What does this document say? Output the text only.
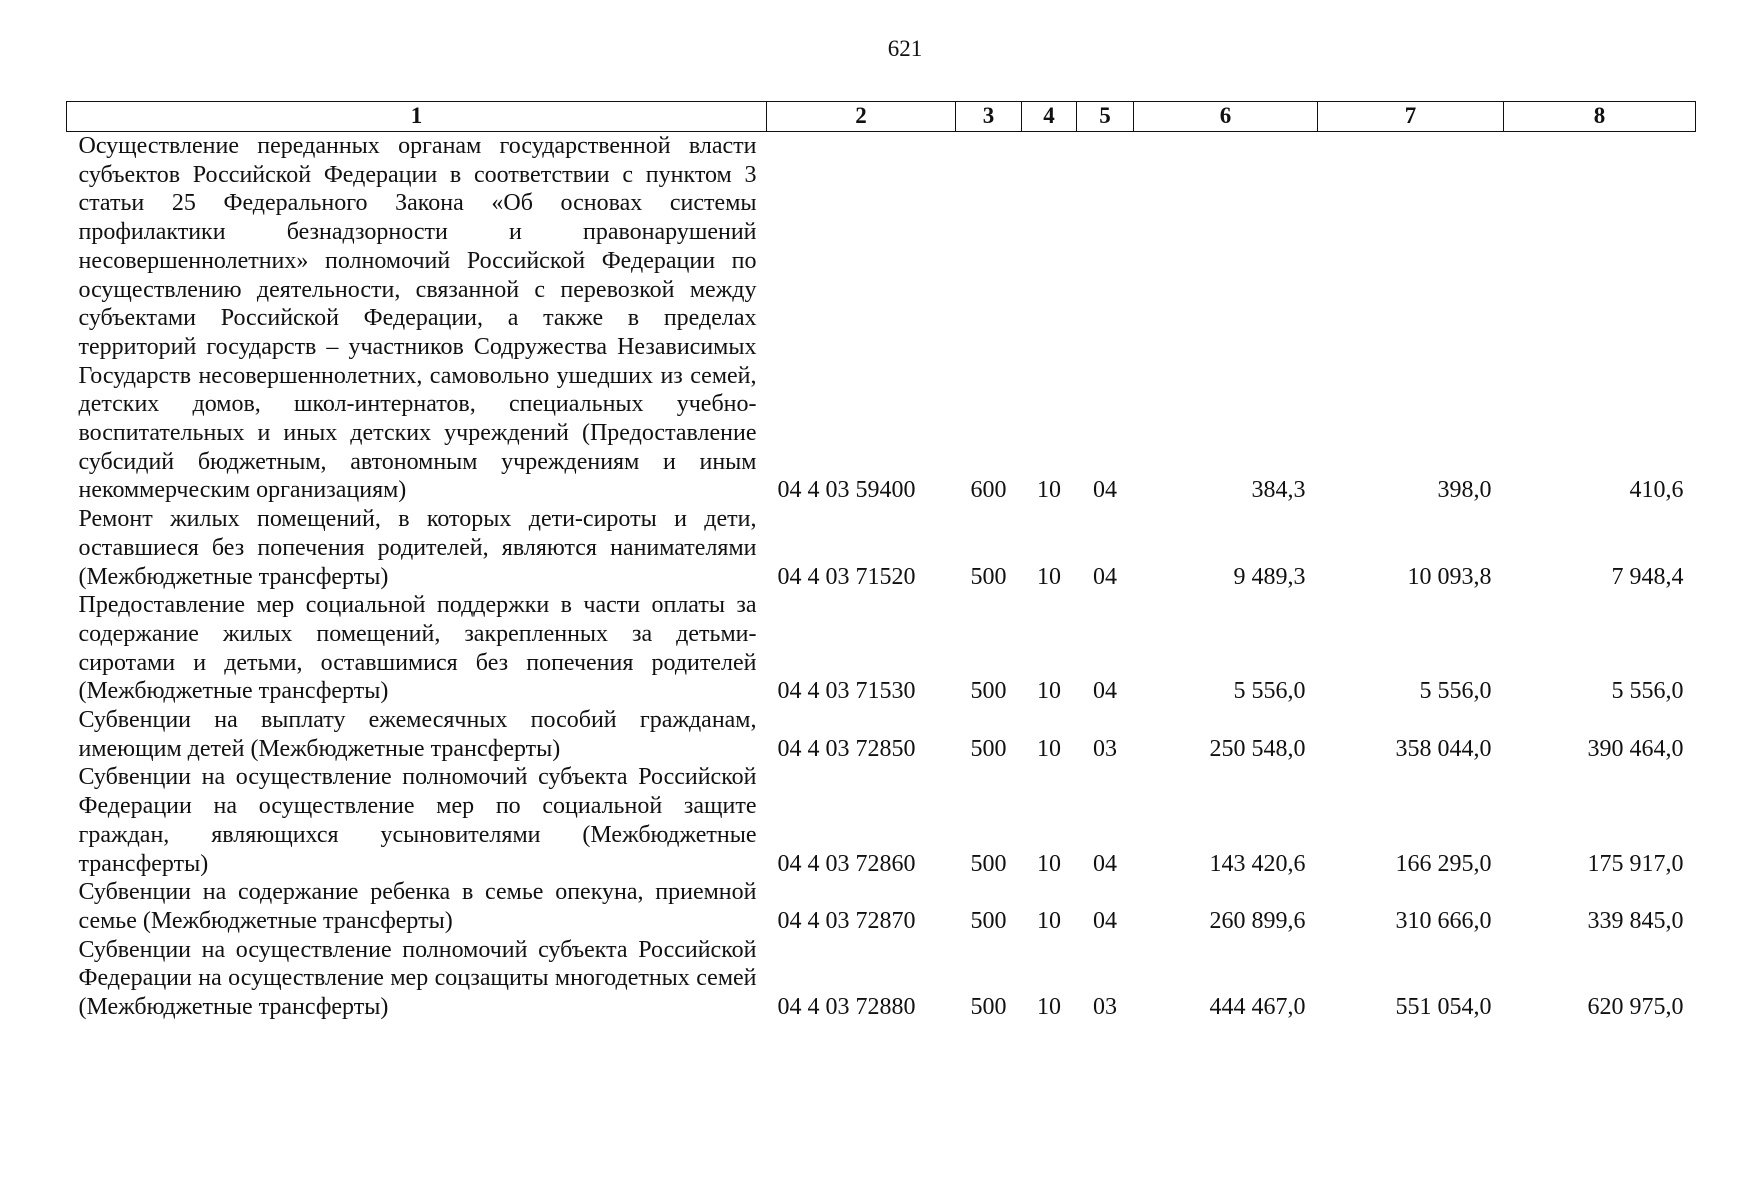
621
1	2	3	4	5	6	7	8
Осуществление переданных органам государственной власти субъектов Российской Федерации в соответствии с пунктом 3 статьи 25 Федерального Закона «Об основах системы профилактики безнадзорности и правонарушений несовершеннолетних» полномочий Российской Федерации по осуществлению деятельности, связанной с перевозкой между субъектами Российской Федерации, а также в пределах территорий государств – участников Содружества Независимых Государств несовершеннолетних, самовольно ушедших из семей, детских домов, школ-интернатов, специальных учебно-воспитательных и иных детских учреждений (Предоставление субсидий бюджетным, автономным учреждениям и иным некоммерческим организациям)	04 4 03 59400	600	10	04	384,3	398,0	410,6
Ремонт жилых помещений, в которых дети-сироты и дети, оставшиеся без попечения родителей, являются нанимателями (Межбюджетные трансферты)	04 4 03 71520	500	10	04	9 489,3	10 093,8	7 948,4
Предоставление мер социальной поддержки в части оплаты за содержание жилых помещений, закрепленных за детьми-сиротами и детьми, оставшимися без попечения родителей (Межбюджетные трансферты)	04 4 03 71530	500	10	04	5 556,0	5 556,0	5 556,0
Субвенции на выплату ежемесячных пособий гражданам, имеющим детей (Межбюджетные трансферты)	04 4 03 72850	500	10	03	250 548,0	358 044,0	390 464,0
Субвенции на осуществление полномочий субъекта Российской Федерации на осуществление мер по социальной защите граждан, являющихся усыновителями (Межбюджетные трансферты)	04 4 03 72860	500	10	04	143 420,6	166 295,0	175 917,0
Субвенции на содержание ребенка в семье опекуна, приемной семье (Межбюджетные трансферты)	04 4 03 72870	500	10	04	260 899,6	310 666,0	339 845,0
Субвенции на осуществление полномочий субъекта Российской Федерации на осуществление мер соцзащиты многодетных семей (Межбюджетные трансферты)	04 4 03 72880	500	10	03	444 467,0	551 054,0	620 975,0
